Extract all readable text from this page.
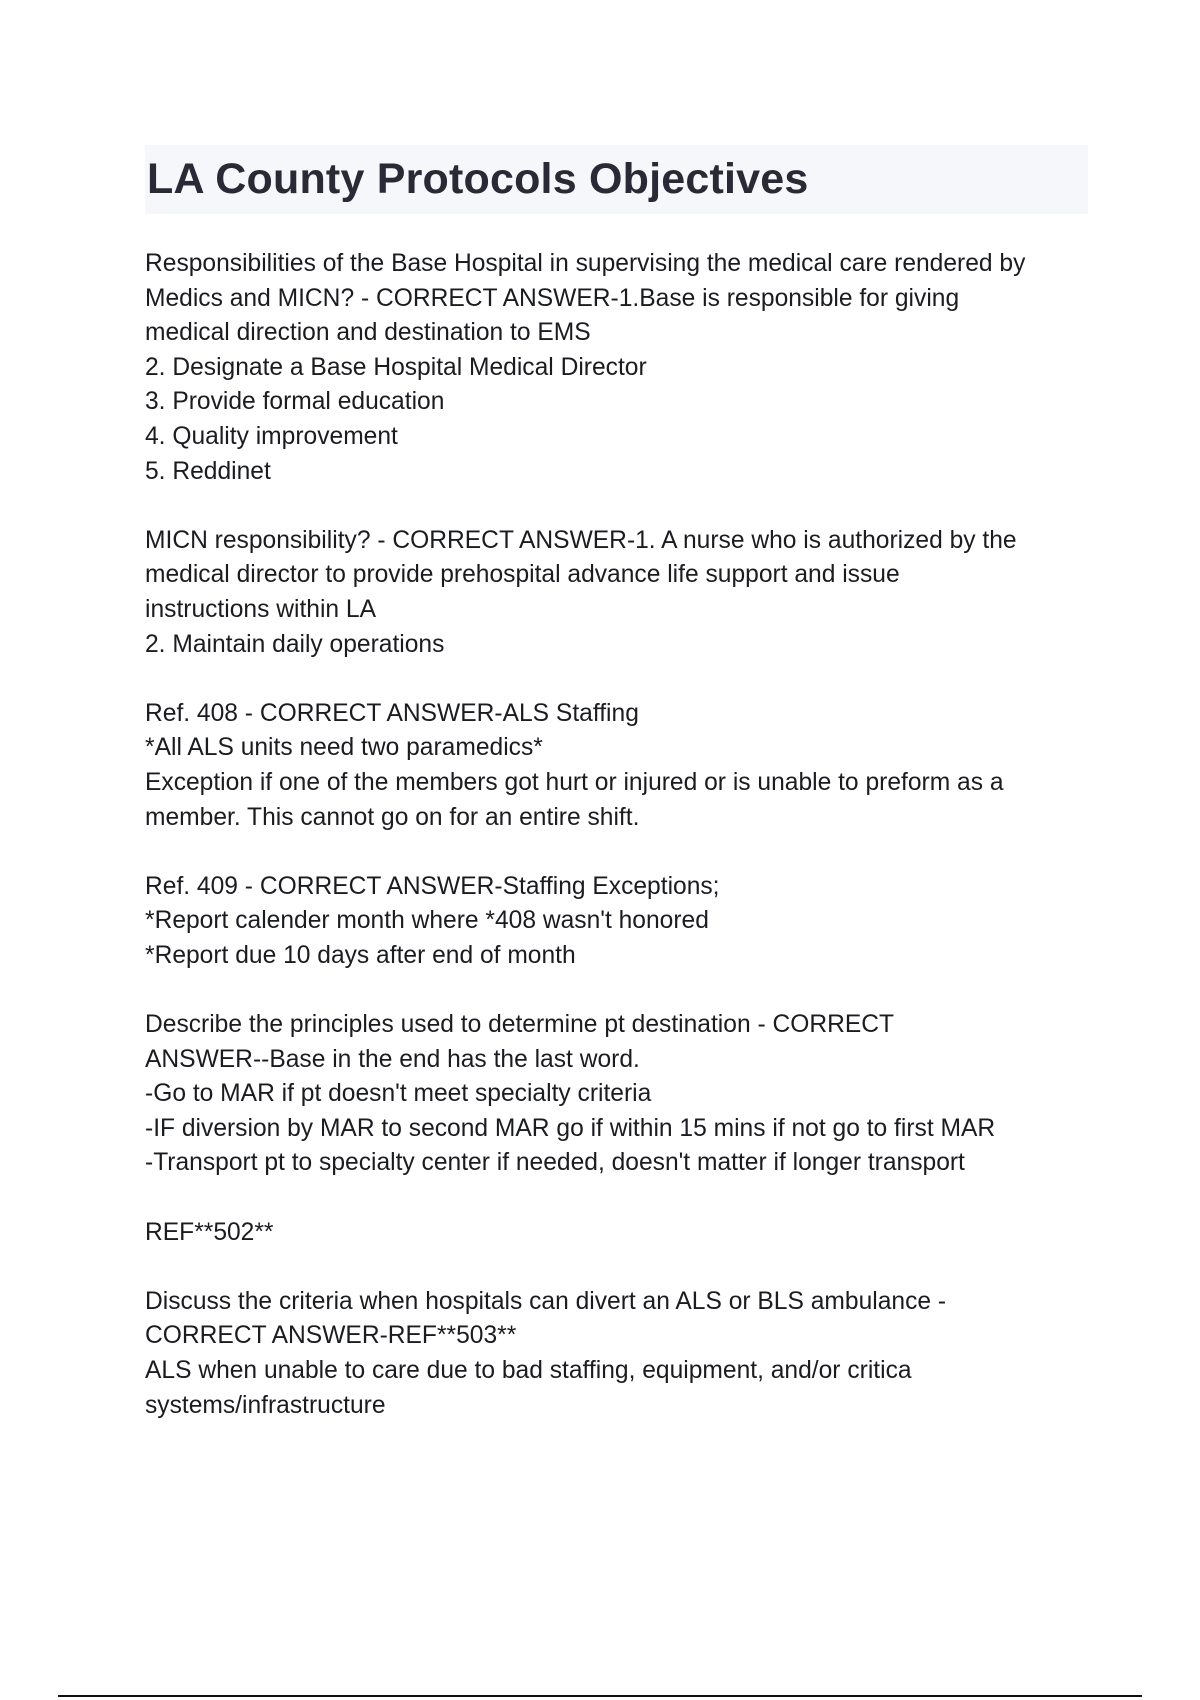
LA County Protocols Objectives
Responsibilities of the Base Hospital in supervising the medical care rendered by
Medics and MICN? - CORRECT ANSWER-1.Base is responsible for giving
medical direction and destination to EMS
2. Designate a Base Hospital Medical Director
3. Provide formal education
4. Quality improvement
5. Reddinet
MICN responsibility? - CORRECT ANSWER-1. A nurse who is authorized by the
medical director to provide prehospital advance life support and issue
instructions within LA
2. Maintain daily operations
Ref. 408 - CORRECT ANSWER-ALS Staffing
*All ALS units need two paramedics*
Exception if one of the members got hurt or injured or is unable to preform as a
member. This cannot go on for an entire shift.
Ref. 409 - CORRECT ANSWER-Staffing Exceptions;
*Report calender month where *408 wasn't honored
*Report due 10 days after end of month
Describe the principles used to determine pt destination - CORRECT
ANSWER--Base in the end has the last word.
-Go to MAR if pt doesn't meet specialty criteria
-IF diversion by MAR to second MAR go if within 15 mins if not go to first MAR
-Transport pt to specialty center if needed, doesn't matter if longer transport
REF**502**
Discuss the criteria when hospitals can divert an ALS or BLS ambulance -
CORRECT ANSWER-REF**503**
ALS when unable to care due to bad staffing, equipment, and/or critica
systems/infrastructure
